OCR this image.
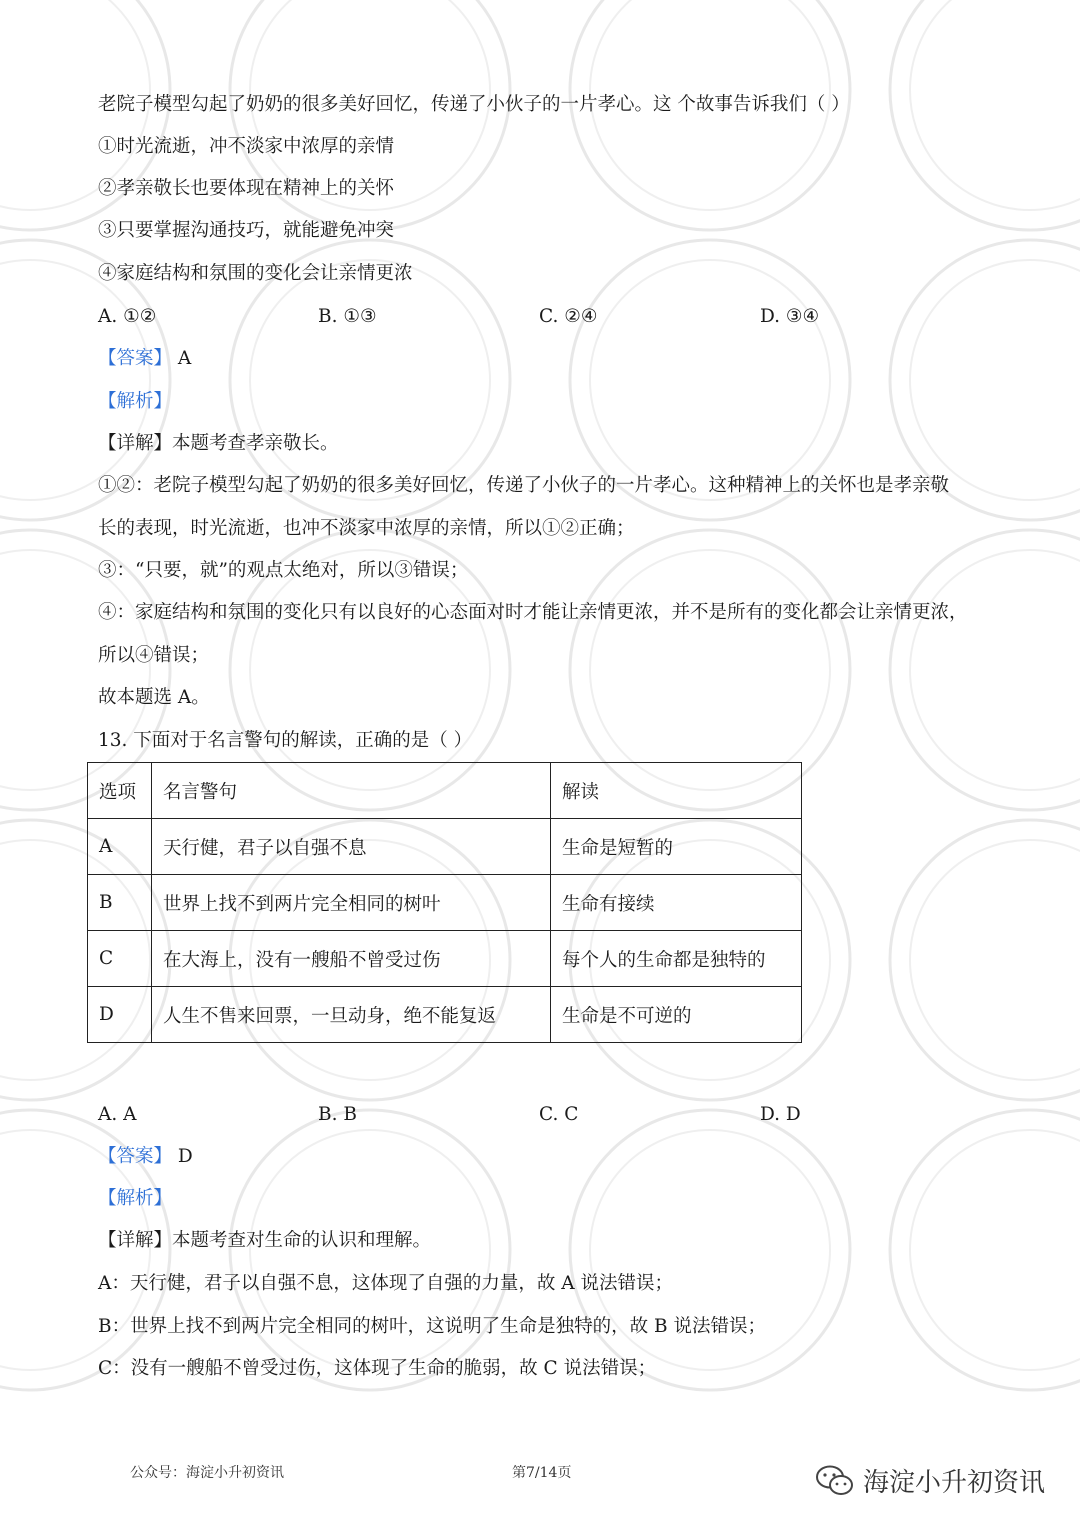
老院子模型勾起了奶奶的很多美好回忆，传递了小伙子的一片孝心。这 个故事告诉我们（ ）
①时光流逝，冲不淡家中浓厚的亲情
②孝亲敬长也要体现在精神上的关怀
③只要掌握沟通技巧，就能避免冲突
④家庭结构和氛围的变化会让亲情更浓
A. ①②	B. ①③	C. ②④	D. ③④
【答案】 A
【解析】
【详解】本题考查孝亲敬长。
①②：老院子模型勾起了奶奶的很多美好回忆，传递了小伙子的一片孝心。这种精神上的关怀也是孝亲敬
长的表现，时光流逝，也冲不淡家中浓厚的亲情，所以①②正确；
③：“只要，就”的观点太绝对，所以③错误；
④：家庭结构和氛围的变化只有以良好的心态面对时才能让亲情更浓，并不是所有的变化都会让亲情更浓，
所以④错误；
故本题选 A。
13. 下面对于名言警句的解读，正确的是（ ）
选项	名言警句	解读
A	天行健，君子以自强不息	生命是短暂的
B	世界上找不到两片完全相同的树叶	生命有接续
C	在大海上，没有一艘船不曾受过伤	每个人的生命都是独特的
D	人生不售来回票，一旦动身，绝不能复返	生命是不可逆的
A. A	B. B	C. C	D. D
【答案】 D
【解析】
【详解】本题考查对生命的认识和理解。
A：天行健，君子以自强不息，这体现了自强的力量，故 A 说法错误；
B：世界上找不到两片完全相同的树叶，这说明了生命是独特的，故 B 说法错误；
C：没有一艘船不曾受过伤，这体现了生命的脆弱，故 C 说法错误；
公众号：海淀小升初资讯	第7/14页	海淀小升初资讯
